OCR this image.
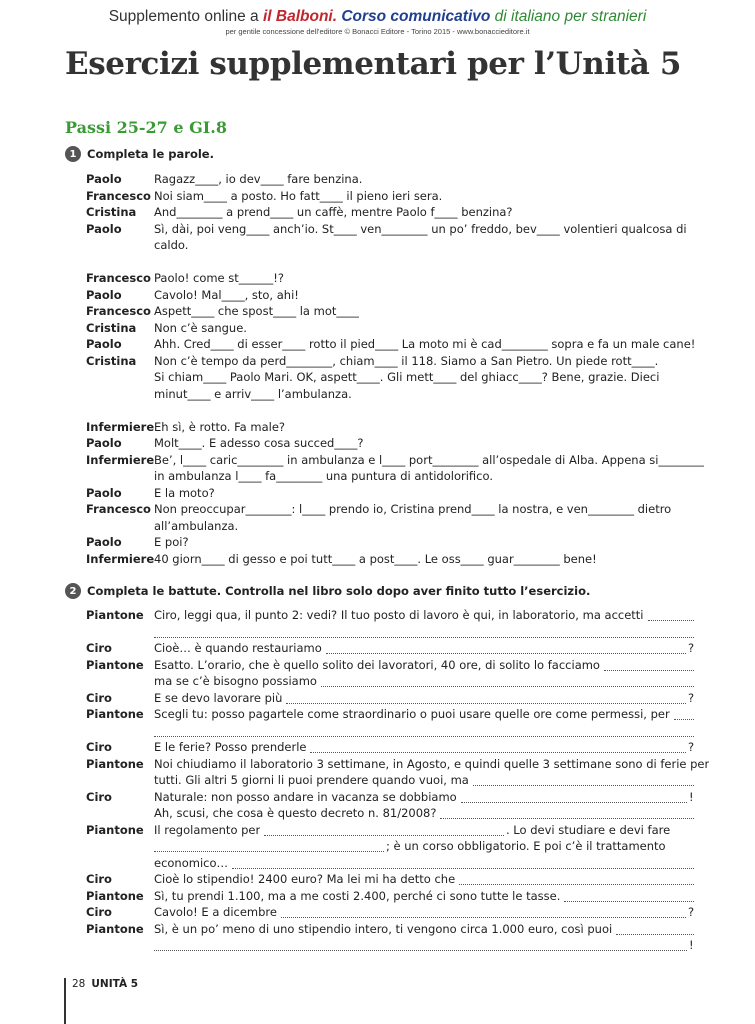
Supplemento online a il Balboni. Corso comunicativo di italiano per stranieri
per gentile concessione dell'editore © Bonacci Editore - Torino 2015 - www.bonaccieditore.it
Esercizi supplementari per l’Unità 5
Passi 25-27 e GI.8
1 Completa le parole.
Paolo	Ragazz____, io dev____ fare benzina.
Francesco Noi siam____ a posto. Ho fatt____ il pieno ieri sera.
Cristina And________ a prend____ un caffè, mentre Paolo f____ benzina?
Paolo	Sì, dài, poi veng____ anch’io. St____ ven________ un po’ freddo, bev____ volentieri qualcosa di
caldo.
Francesco Paolo! come st______!?
Paolo	Cavolo! Mal____, sto, ahi!
Francesco Aspett____ che spost____ la mot____
Cristina Non c’è sangue.
Paolo	Ahh. Cred____ di esser____ rotto il pied____ La moto mi è cad________ sopra e fa un male cane!
Cristina Non c’è tempo da perd________, chiam____ il 118. Siamo a San Pietro. Un piede rott____.
Si chiam____ Paolo Mari. OK, aspett____. Gli mett____ del ghiacc____? Bene, grazie. Dieci
minut____ e arriv____ l’ambulanza.
Infermiere Eh sì, è rotto. Fa male?
Paolo	Molt____. E adesso cosa succed____?
Infermiere Be’, l____ caric________ in ambulanza e l____ port________ all’ospedale di Alba. Appena si________
in ambulanza l____ fa________ una puntura di antidolorifico.
Paolo	E la moto?
Francesco Non preoccupar________: l____ prendo io, Cristina prend____ la nostra, e ven________ dietro
all’ambulanza.
Paolo	E poi?
Infermiere 40 giorn____ di gesso e poi tutt____ a post____. Le oss____ guar________ bene!
2 Completa le battute. Controlla nel libro solo dopo aver finito tutto l’esercizio.
Piantone Ciro, leggi qua, il punto 2: vedi? Il tuo posto di lavoro è qui, in laboratorio, ma accetti
Ciro	Cioè… è quando restauriamo	?
Piantone Esatto. L’orario, che è quello solito dei lavoratori, 40 ore, di solito lo facciamo
ma se c’è bisogno possiamo
Ciro	E se devo lavorare più	?
Piantone Scegli tu: posso pagartele come straordinario o puoi usare quelle ore come permessi, per
Ciro	E le ferie? Posso prenderle	?
Piantone Noi chiudiamo il laboratorio 3 settimane, in Agosto, e quindi quelle 3 settimane sono di ferie per
tutti. Gli altri 5 giorni li puoi prendere quando vuoi, ma
Ciro	Naturale: non posso andare in vacanza se dobbiamo	!
Ah, scusi, che cosa è questo decreto n. 81/2008?
Piantone Il regolamento per	. Lo devi studiare e devi fare
; è un corso obbligatorio. E poi c’è il trattamento
economico…
Ciro	Cioè lo stipendio! 2400 euro? Ma lei mi ha detto che
Piantone Sì, tu prendi 1.100, ma a me costi 2.400, perché ci sono tutte le tasse.
Ciro	Cavolo! E a dicembre	?
Piantone Sì, è un po’ meno di uno stipendio intero, ti vengono circa 1.000 euro, così puoi
!
28 UNITÀ 5
